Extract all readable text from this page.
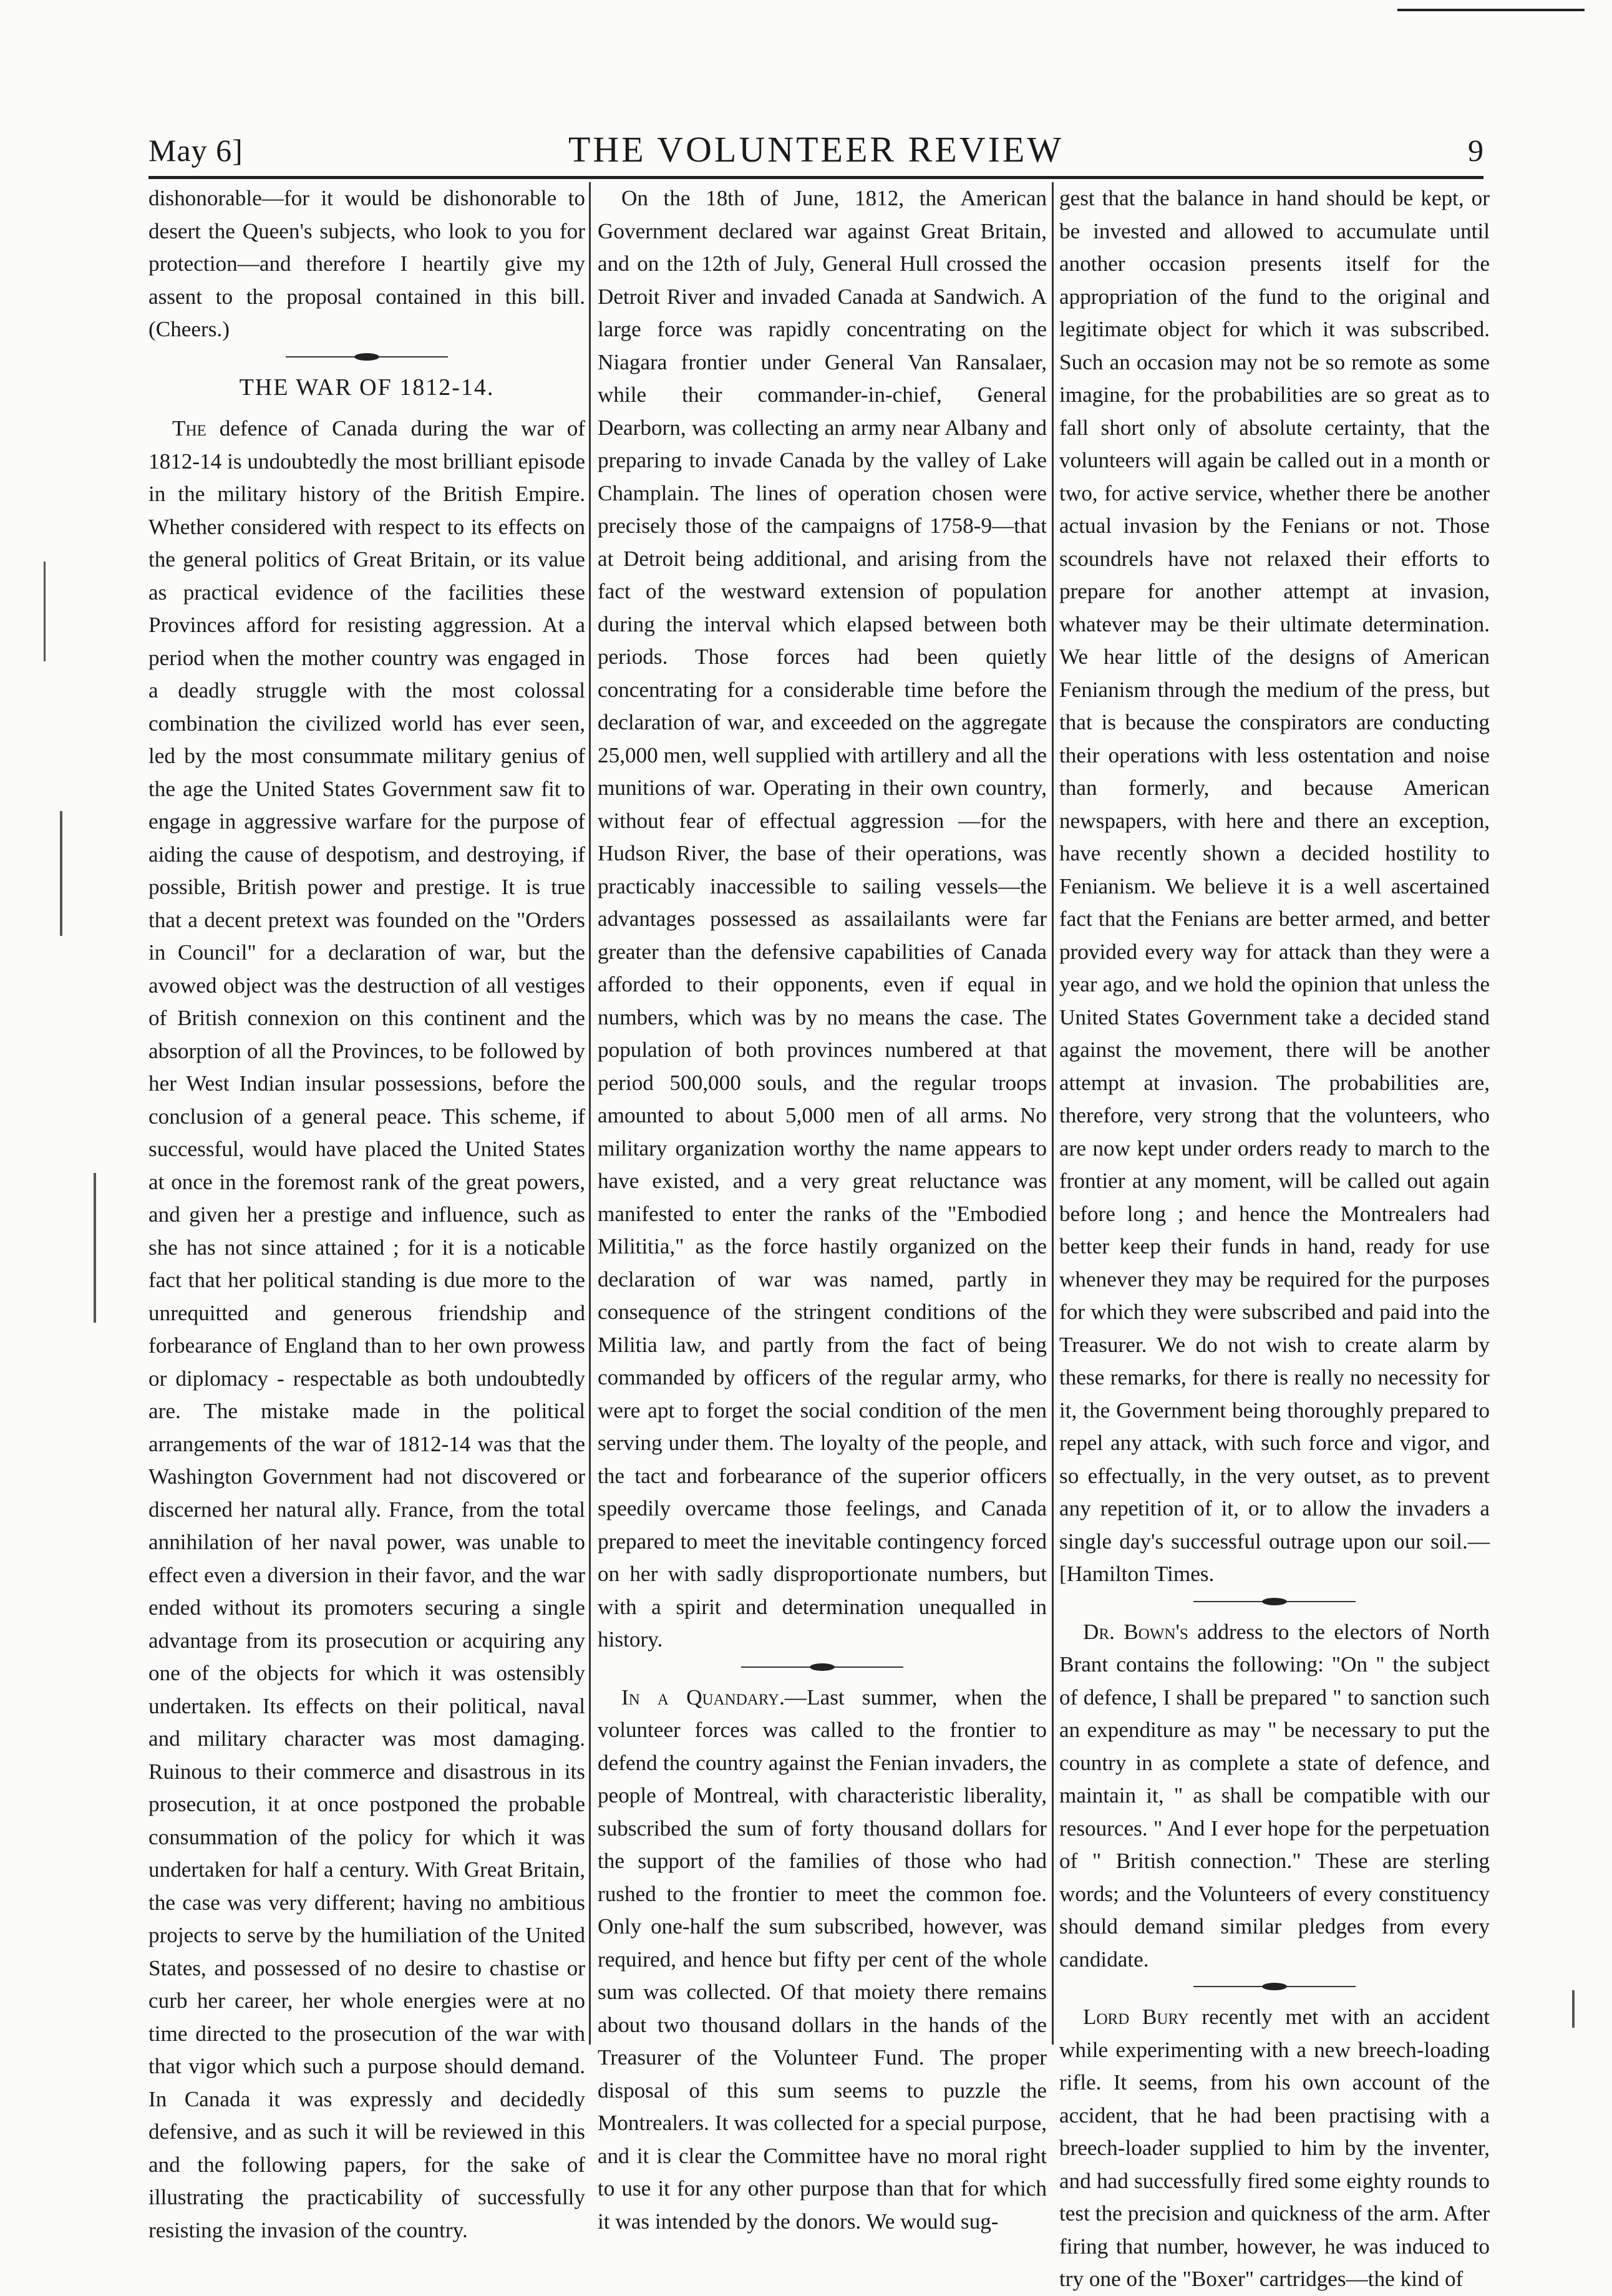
May 6]	THE VOLUNTEER REVIEW	9

dishonorable—for it would be dishonorable to desert the Queen's subjects, who look to you for protection—and therefore I heartily give my assent to the proposal contained in this bill. (Cheers.)

THE WAR OF 1812-14.

The defence of Canada during the war of 1812-14 is undoubtedly the most brilliant episode in the military history of the British Empire. Whether considered with respect to its effects on the general politics of Great Britain, or its value as practical evidence of the facilities these Provinces afford for resisting aggression. At a period when the mother country was engaged in a deadly struggle with the most colossal combination the civilized world has ever seen, led by the most consummate military genius of the age the United States Government saw fit to engage in aggressive warfare for the purpose of aiding the cause of despotism, and destroying, if possible, British power and prestige. It is true that a decent pretext was founded on the "Orders in Council" for a declaration of war, but the avowed object was the destruction of all vestiges of British connexion on this continent and the absorption of all the Provinces, to be followed by her West Indian insular possessions, before the conclusion of a general peace. This scheme, if successful, would have placed the United States at once in the foremost rank of the great powers, and given her a prestige and influence, such as she has not since attained ; for it is a noticable fact that her political standing is due more to the unrequitted and generous friendship and forbearance of England than to her own prowess or diplomacy - respectable as both undoubtedly are. The mistake made in the political arrangements of the war of 1812-14 was that the Washington Government had not discovered or discerned her natural ally. France, from the total annihilation of her naval power, was unable to effect even a diversion in their favor, and the war ended without its promoters securing a single advantage from its prosecution or acquiring any one of the objects for which it was ostensibly undertaken. Its effects on their political, naval and military character was most damaging. Ruinous to their commerce and disastrous in its prosecution, it at once postponed the probable consummation of the policy for which it was undertaken for half a century. With Great Britain, the case was very different; having no ambitious projects to serve by the humiliation of the United States, and possessed of no desire to chastise or curb her career, her whole energies were at no time directed to the prosecution of the war with that vigor which such a purpose should demand. In Canada it was expressly and decidedly defensive, and as such it will be reviewed in this and the following papers, for the sake of illustrating the practicability of successfully resisting the invasion of the country.

On the 18th of June, 1812, the American Government declared war against Great Britain, and on the 12th of July, General Hull crossed the Detroit River and invaded Canada at Sandwich. A large force was rapidly concentrating on the Niagara frontier under General Van Ransalaer, while their commander-in-chief, General Dearborn, was collecting an army near Albany and preparing to invade Canada by the valley of Lake Champlain. The lines of operation chosen were precisely those of the campaigns of 1758-9—that at Detroit being additional, and arising from the fact of the westward extension of population during the interval which elapsed between both periods. Those forces had been quietly concentrating for a considerable time before the declaration of war, and exceeded on the aggregate 25,000 men, well supplied with artillery and all the munitions of war. Operating in their own country, without fear of effectual aggression —for the Hudson River, the base of their operations, was practicably inaccessible to sailing vessels—the advantages possessed as assailailants were far greater than the defensive capabilities of Canada afforded to their opponents, even if equal in numbers, which was by no means the case. The population of both provinces numbered at that period 500,000 souls, and the regular troops amounted to about 5,000 men of all arms. No military organization worthy the name appears to have existed, and a very great reluctance was manifested to enter the ranks of the "Embodied Milititia," as the force hastily organized on the declaration of war was named, partly in consequence of the stringent conditions of the Militia law, and partly from the fact of being commanded by officers of the regular army, who were apt to forget the social condition of the men serving under them. The loyalty of the people, and the tact and forbearance of the superior officers speedily overcame those feelings, and Canada prepared to meet the inevitable contingency forced on her with sadly disproportionate numbers, but with a spirit and determination unequalled in history.

In a Quandary.—Last summer, when the volunteer forces was called to the frontier to defend the country against the Fenian invaders, the people of Montreal, with characteristic liberality, subscribed the sum of forty thousand dollars for the support of the families of those who had rushed to the frontier to meet the common foe. Only one-half the sum subscribed, however, was required, and hence but fifty per cent of the whole sum was collected. Of that moiety there remains about two thousand dollars in the hands of the Treasurer of the Volunteer Fund. The proper disposal of this sum seems to puzzle the Montrealers. It was collected for a special purpose, and it is clear the Committee have no moral right to use it for any other purpose than that for which it was intended by the donors. We would sug-

gest that the balance in hand should be kept, or be invested and allowed to accumulate until another occasion presents itself for the appropriation of the fund to the original and legitimate object for which it was subscribed. Such an occasion may not be so remote as some imagine, for the probabilities are so great as to fall short only of absolute certainty, that the volunteers will again be called out in a month or two, for active service, whether there be another actual invasion by the Fenians or not. Those scoundrels have not relaxed their efforts to prepare for another attempt at invasion, whatever may be their ultimate determination. We hear little of the designs of American Fenianism through the medium of the press, but that is because the conspirators are conducting their operations with less ostentation and noise than formerly, and because American newspapers, with here and there an exception, have recently shown a decided hostility to Fenianism. We believe it is a well ascertained fact that the Fenians are better armed, and better provided every way for attack than they were a year ago, and we hold the opinion that unless the United States Government take a decided stand against the movement, there will be another attempt at invasion. The probabilities are, therefore, very strong that the volunteers, who are now kept under orders ready to march to the frontier at any moment, will be called out again before long ; and hence the Montrealers had better keep their funds in hand, ready for use whenever they may be required for the purposes for which they were subscribed and paid into the Treasurer. We do not wish to create alarm by these remarks, for there is really no necessity for it, the Government being thoroughly prepared to repel any attack, with such force and vigor, and so effectually, in the very outset, as to prevent any repetition of it, or to allow the invaders a single day's successful outrage upon our soil.—[Hamilton Times.

Dr. Bown's address to the electors of North Brant contains the following: "On " the subject of defence, I shall be prepared " to sanction such an expenditure as may " be necessary to put the country in as complete a state of defence, and maintain it, " as shall be compatible with our resources. " And I ever hope for the perpetuation of " British connection." These are sterling words; and the Volunteers of every constituency should demand similar pledges from every candidate.

Lord Bury recently met with an accident while experimenting with a new breech-loading rifle. It seems, from his own account of the accident, that he had been practising with a breech-loader supplied to him by the inventer, and had successfully fired some eighty rounds to test the precision and quickness of the arm. After firing that number, however, he was induced to try one of the "Boxer" cartridges—the kind of
